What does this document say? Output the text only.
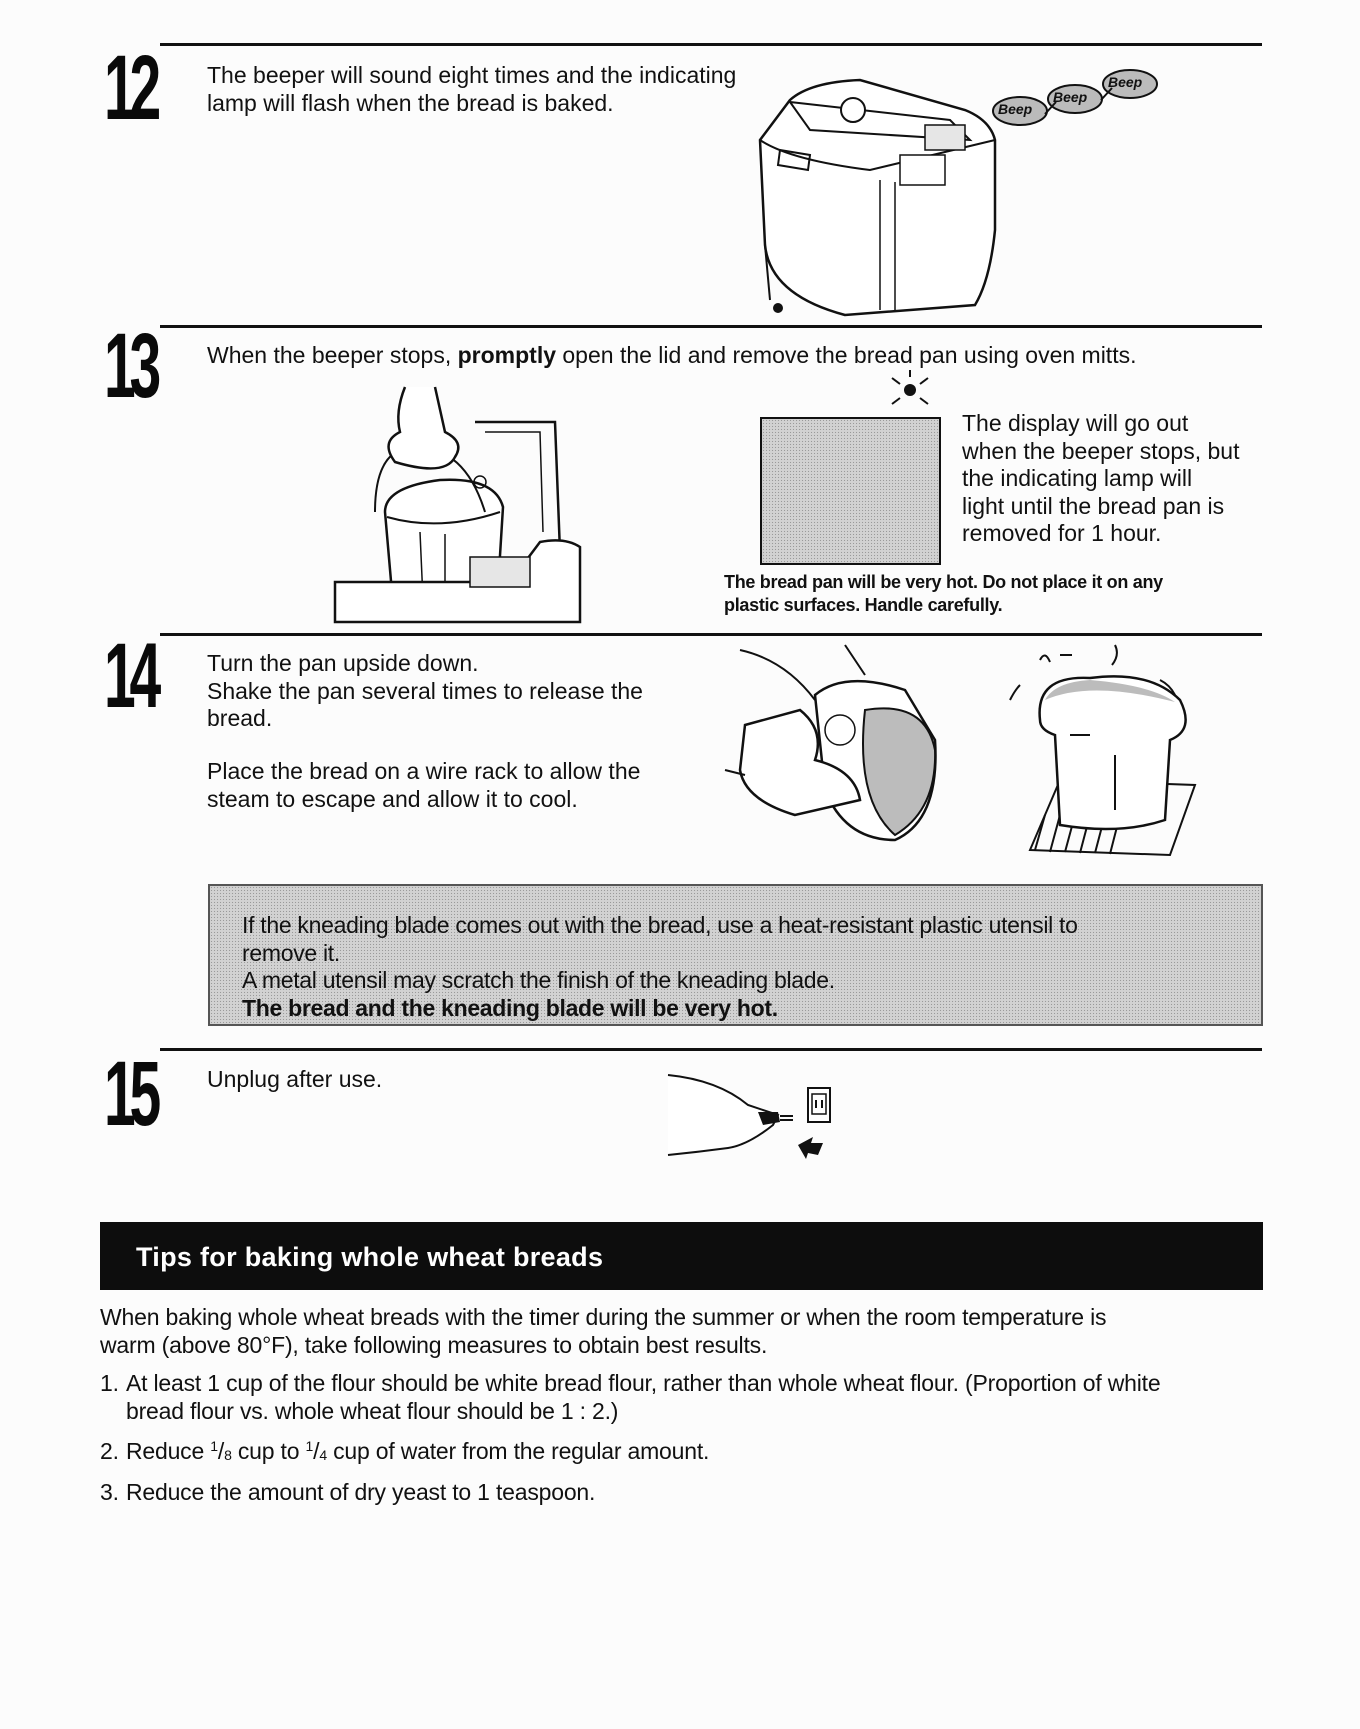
12 The beeper will sound eight times and the indicating
lamp will flash when the bread is baked.	Beep
Beep
Beep
13 When the beeper stops, promptly open the lid and remove the bread pan using oven mitts.
The display will go out
when the beeper stops, but
the indicating lamp will
light until the bread pan is
removed for 1 hour.
The bread pan will be very hot. Do not place it on any
plastic surfaces. Handle carefully.
14 Turn the pan upside down.
Shake the pan several times to release the
bread.
Place the bread on a wire rack to allow the
steam to escape and allow it to cool.
If the kneading blade comes out with the bread, use a heat-resistant plastic utensil to
remove it.
A metal utensil may scratch the finish of the kneading blade.
The bread and the kneading blade will be very hot.
15 Unplug after use.
Tips for baking whole wheat breads
When baking whole wheat breads with the timer during the summer or when the room temperature is
warm (above 80°F), take following measures to obtain best results.
1. At least 1 cup of the flour should be white bread flour, rather than whole wheat flour. (Proportion of white
bread flour vs. whole wheat flour should be 1 : 2.)
2. Reduce $^1/_8$ cup to $^1/_4$ cup of water from the regular amount.
3. Reduce the amount of dry yeast to 1 teaspoon.
